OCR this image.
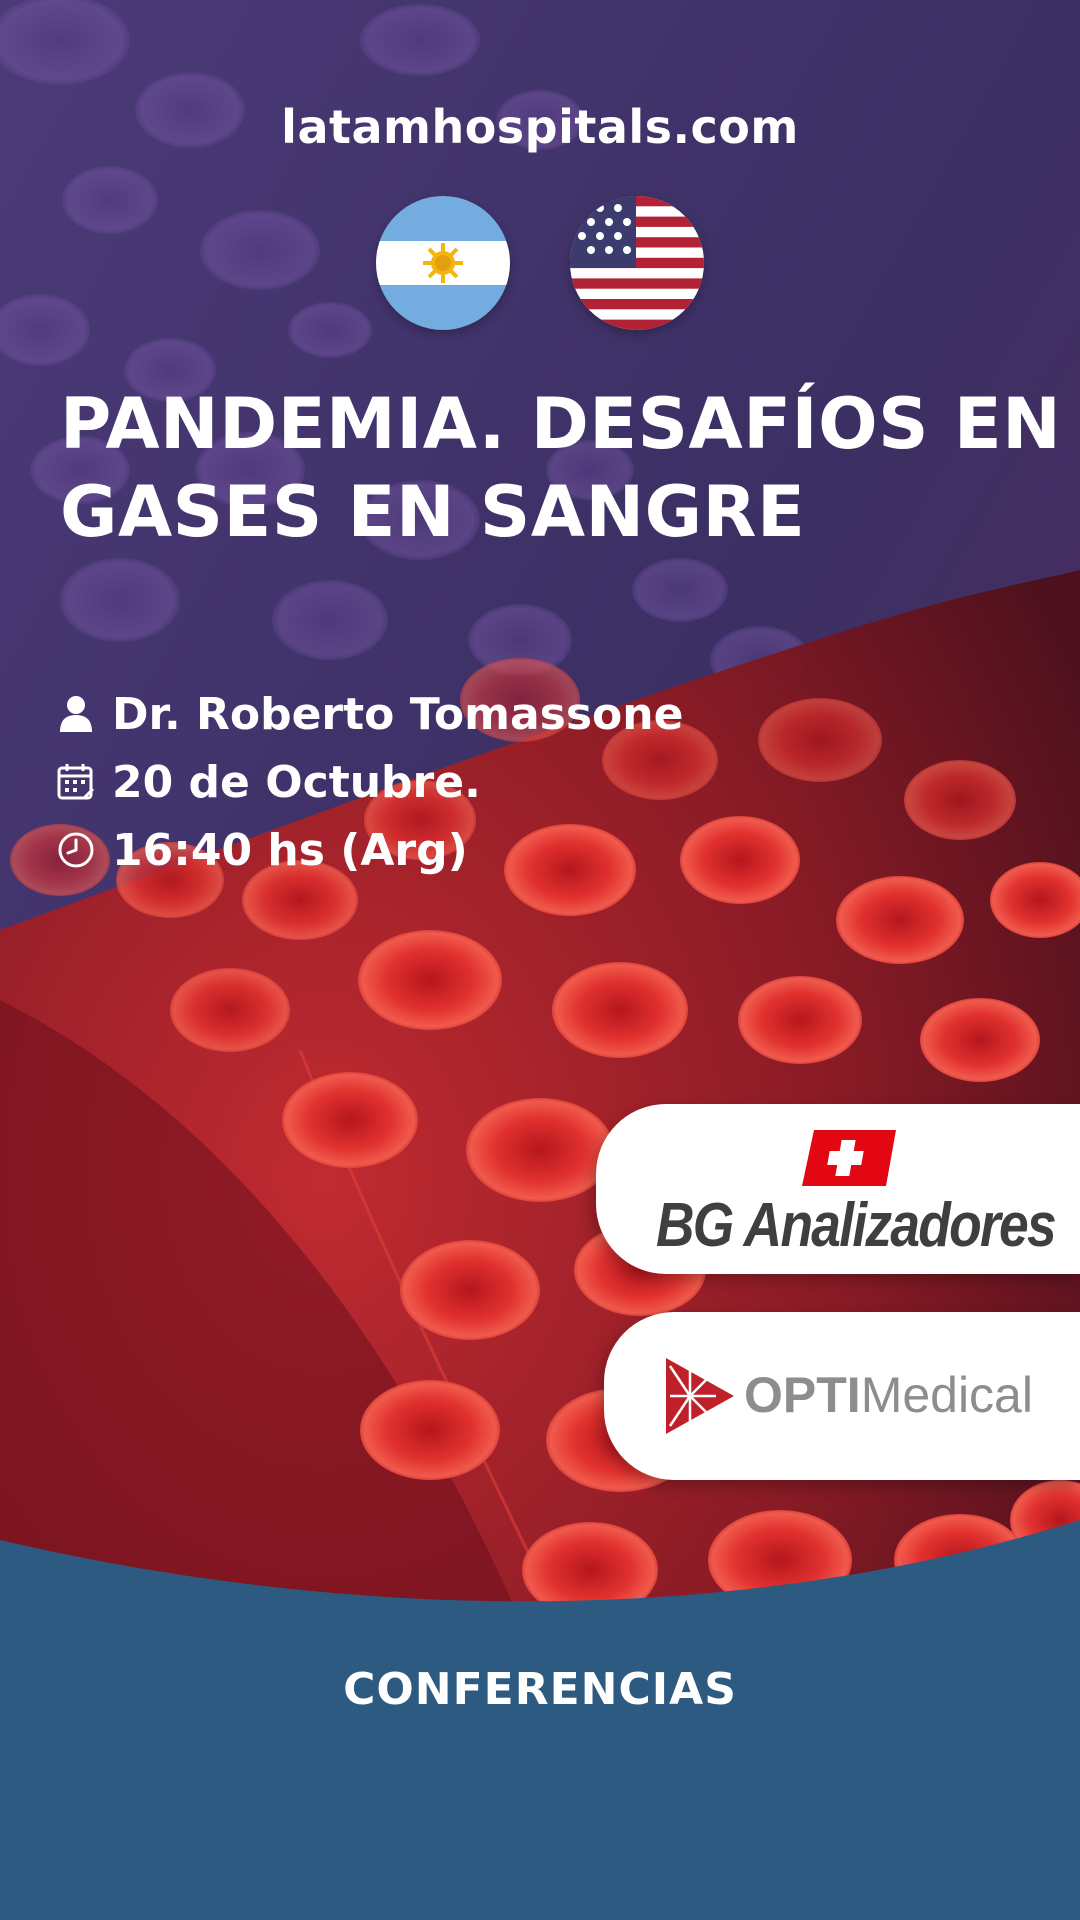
latamhospitals.com
PANDEMIA. DESAFÍOS EN
GASES EN SANGRE
Dr. Roberto Tomassone
20 de Octubre.
16:40 hs (Arg)
BG Analizadores
OPTIMedical
CONFERENCIAS
